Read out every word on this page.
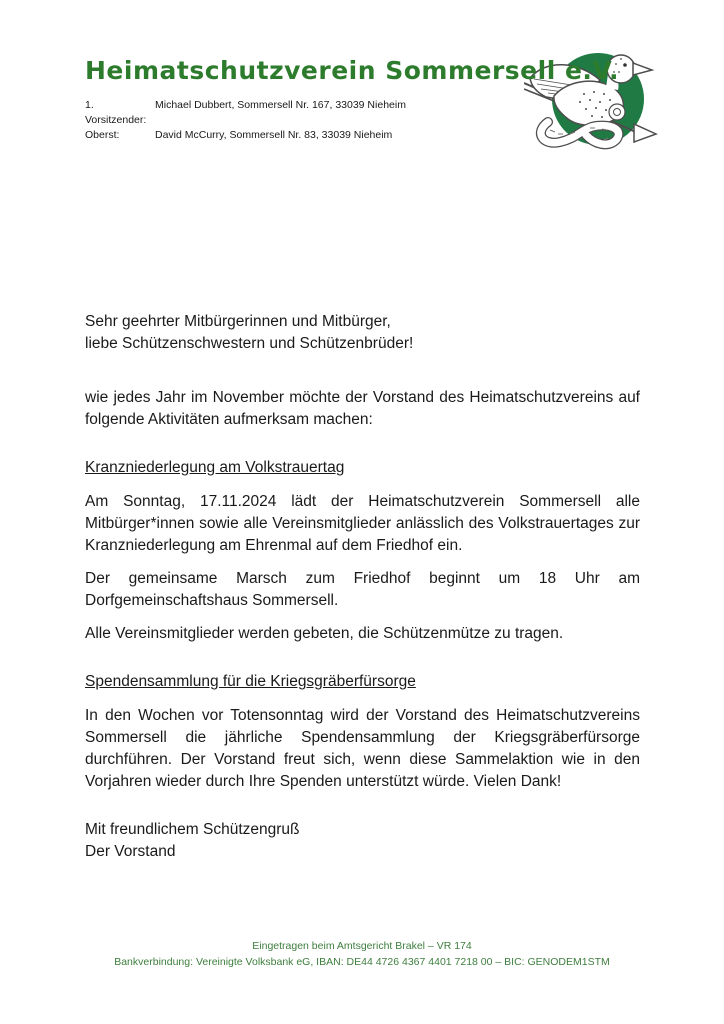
Heimatschutzverein Sommersell e.V.
1. Vorsitzender:
Michael Dubbert, Sommersell Nr. 167, 33039 Nieheim
Oberst:	David McCurry, Sommersell Nr. 83, 33039 Nieheim
Sehr geehrter Mitbürgerinnen und Mitbürger,
liebe Schützenschwestern und Schützenbrüder!

wie jedes Jahr im November möchte der Vorstand des Heimatschutzvereins auf folgende Aktivitäten aufmerksam machen:

Kranzniederlegung am Volkstrauertag

Am Sonntag, 17.11.2024 lädt der Heimatschutzverein Sommersell alle Mitbürger*innen sowie alle Vereinsmitglieder anlässlich des Volkstrauertages zur Kranzniederlegung am Ehrenmal auf dem Friedhof ein.

Der gemeinsame Marsch zum Friedhof beginnt um 18 Uhr am Dorfgemeinschaftshaus Sommersell.

Alle Vereinsmitglieder werden gebeten, die Schützenmütze zu tragen.

Spendensammlung für die Kriegsgräberfürsorge

In den Wochen vor Totensonntag wird der Vorstand des Heimatschutzvereins Sommersell die jährliche Spendensammlung der Kriegsgräberfürsorge durchführen. Der Vorstand freut sich, wenn diese Sammelaktion wie in den Vorjahren wieder durch Ihre Spenden unterstützt würde. Vielen Dank!

Mit freundlichem Schützengruß
Der Vorstand
Eingetragen beim Amtsgericht Brakel – VR 174
Bankverbindung: Vereinigte Volksbank eG, IBAN: DE44 4726 4367 4401 7218 00 – BIC: GENODEM1STM
